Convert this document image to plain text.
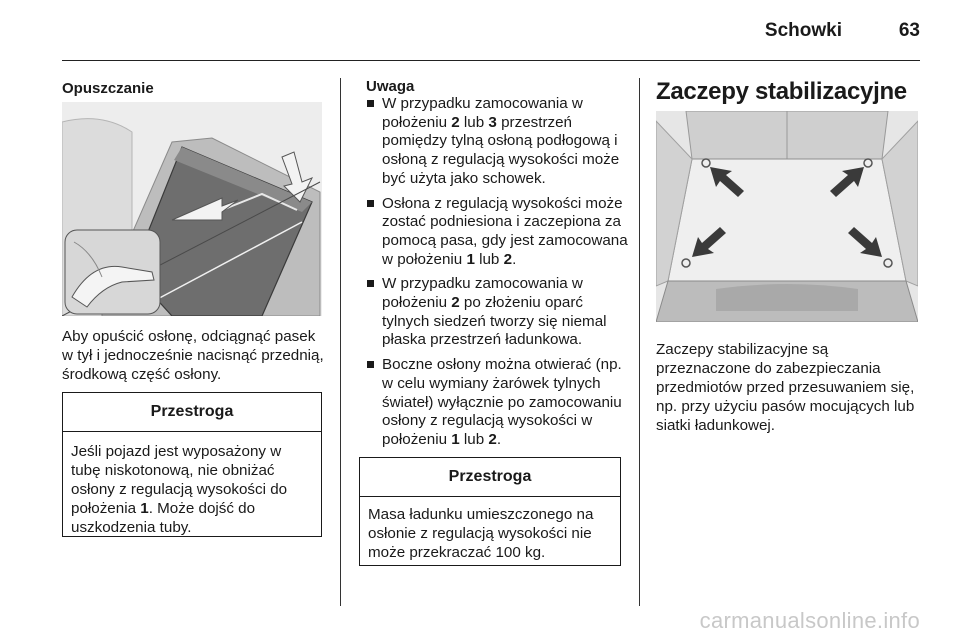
Schowki	63
Opuszczanie
Aby opuścić osłonę, odciągnąć pasek w tył i jednocześnie nacisnąć przednią, środkową część osłony.
Przestroga
Jeśli pojazd jest wyposażony w tubę niskotonową, nie obniżać osłony z regulacją wysokości do położenia 1. Może dojść do uszkodzenia tuby.
Uwaga
W przypadku zamocowania w położeniu 2 lub 3 przestrzeń pomiędzy tylną osłoną podłogową i osłoną z regulacją wysokości może być użyta jako schowek.
Osłona z regulacją wysokości może zostać podniesiona i zaczepiona za pomocą pasa, gdy jest zamocowana w położeniu 1 lub 2.
W przypadku zamocowania w położeniu 2 po złożeniu oparć tylnych siedzeń tworzy się niemal płaska przestrzeń ładunkowa.
Boczne osłony można otwierać (np. w celu wymiany żarówek tylnych świateł) wyłącznie po zamocowaniu osłony z regulacją wysokości w położeniu 1 lub 2.
Przestroga
Masa ładunku umieszczonego na osłonie z regulacją wysokości nie może przekraczać 100 kg.
Zaczepy stabilizacyjne
Zaczepy stabilizacyjne są przeznaczone do zabezpieczania przedmiotów przed przesuwaniem się, np. przy użyciu pasów mocujących lub siatki ładunkowej.
carmanualsonline.info
